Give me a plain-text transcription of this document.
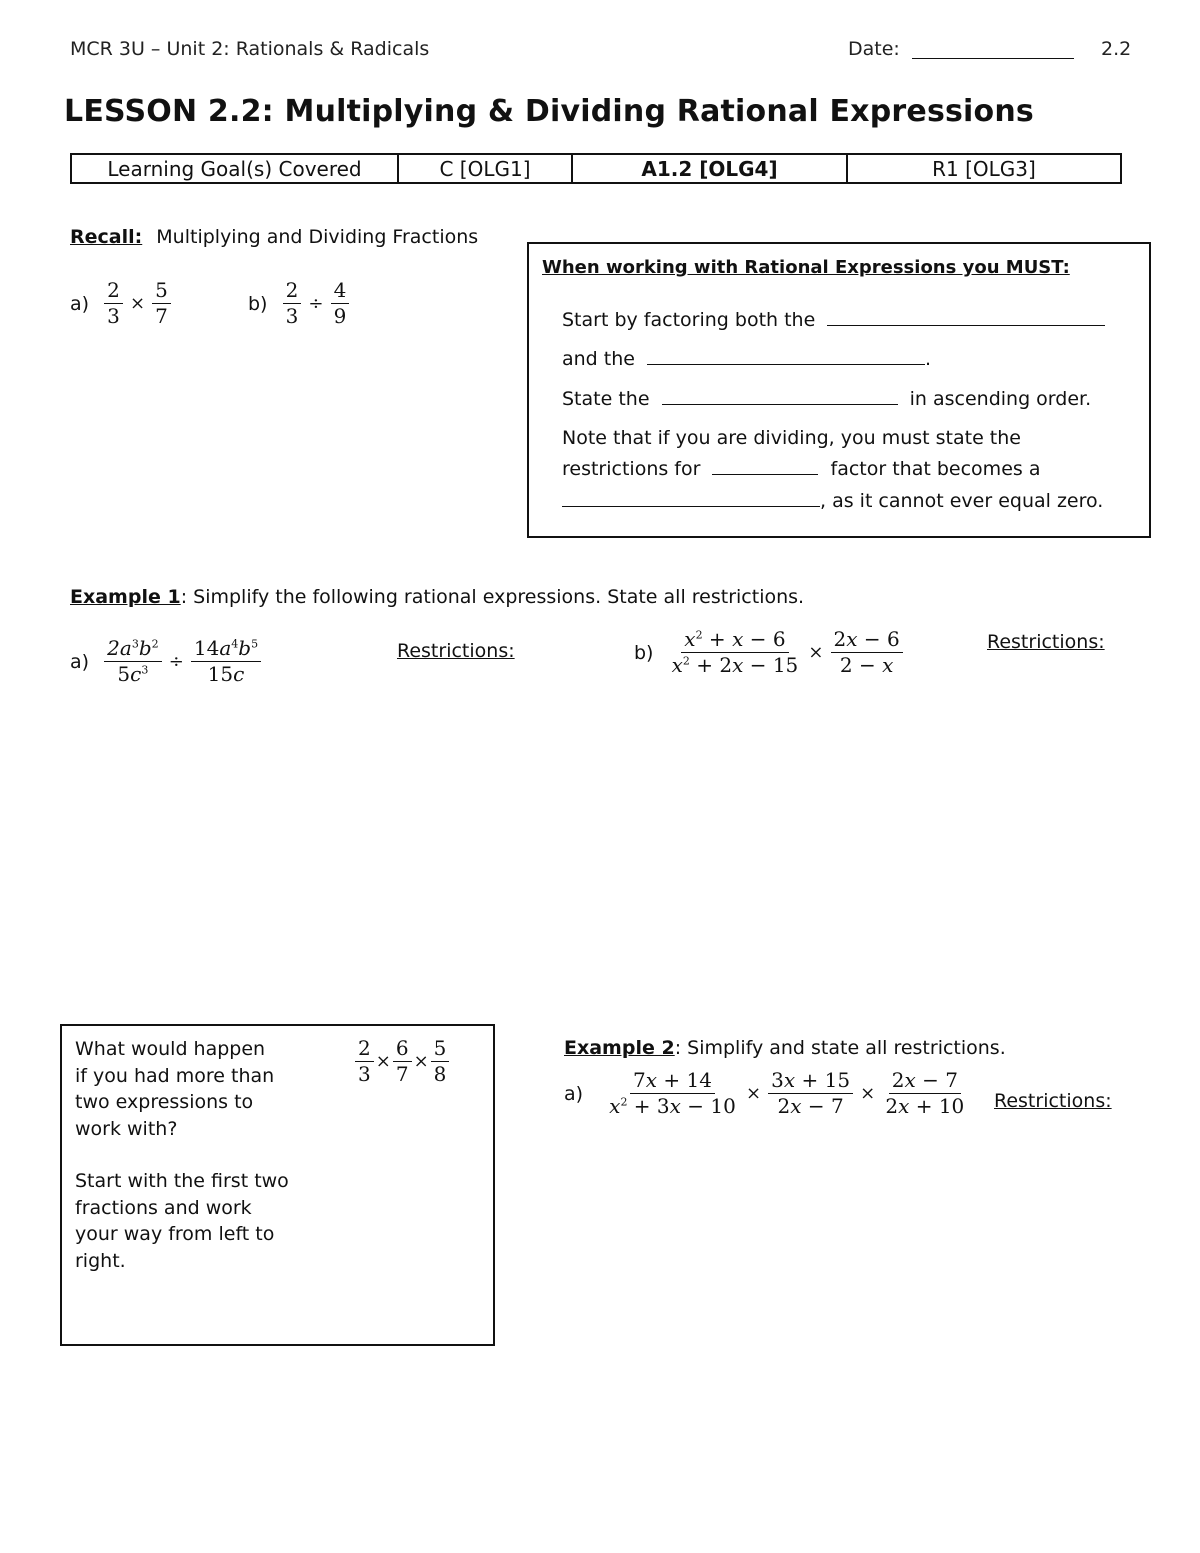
MCR 3U – Unit 2: Rationals & Radicals	Date:	2.2
LESSON 2.2: Multiplying & Dividing Rational Expressions
Learning Goal(s) Covered	C [OLG1]	A1.2 [OLG4]	R1 [OLG3]
Recall: Multiplying and Dividing Fractions
$a) \frac{2}{3} \times \frac{5}{7}$	$b) \frac{2}{3} \div \frac{4}{9}$
When working with Rational Expressions you MUST:
Start by factoring both the
and the	.
State the	in ascending order.
Note that if you are dividing, you must state the
restrictions for	factor that becomes a
, as it cannot ever equal zero.
Example 1: Simplify the following rational expressions. State all restrictions.
$a) \frac{2a^3b^2}{5c^3} \div \frac{14a^4b^5}{15c}$	Restrictions:	$b) \frac{x^2 + x - 6}{x^2 + 2x - 15} \times \frac{2x - 6}{2 - x}$	Restrictions:
What would happen
if you had more than
two expressions to
work with?
Start with the first two
fractions and work
your way from left to
right.
$\frac{2}{3} \times \frac{6}{7} \times \frac{5}{8}$	Example 2: Simplify and state all restrictions.
$a) \frac{7x + 14}{x^2 + 3x - 10} \times \frac{3x + 15}{2x - 7} \times \frac{2x - 7}{2x + 10}$ Restrictions:
